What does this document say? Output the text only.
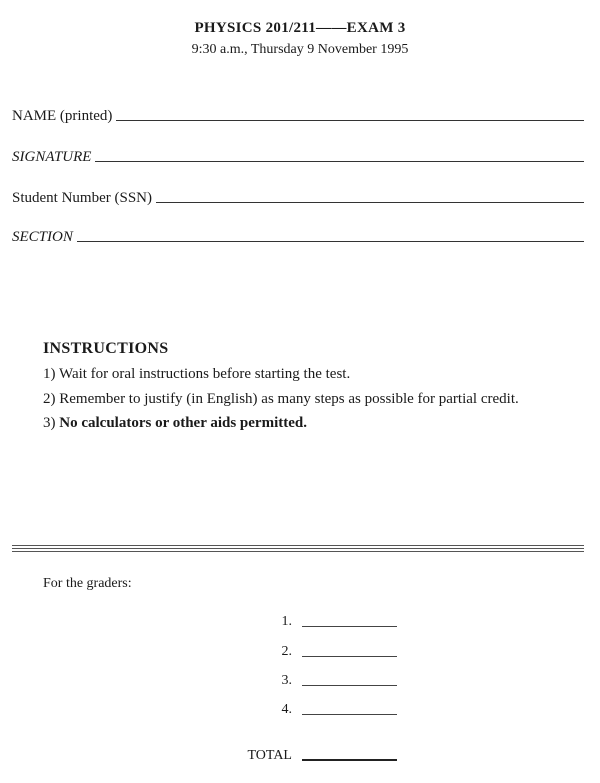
PHYSICS 201/211——EXAM 3
9:30 a.m., Thursday 9 November 1995
NAME (printed)
SIGNATURE
Student Number (SSN)
SECTION
INSTRUCTIONS
1) Wait for oral instructions before starting the test.
2) Remember to justify (in English) as many steps as possible for partial credit.
3) No calculators or other aids permitted.
For the graders:
1.
2.
3.
4.
TOTAL
